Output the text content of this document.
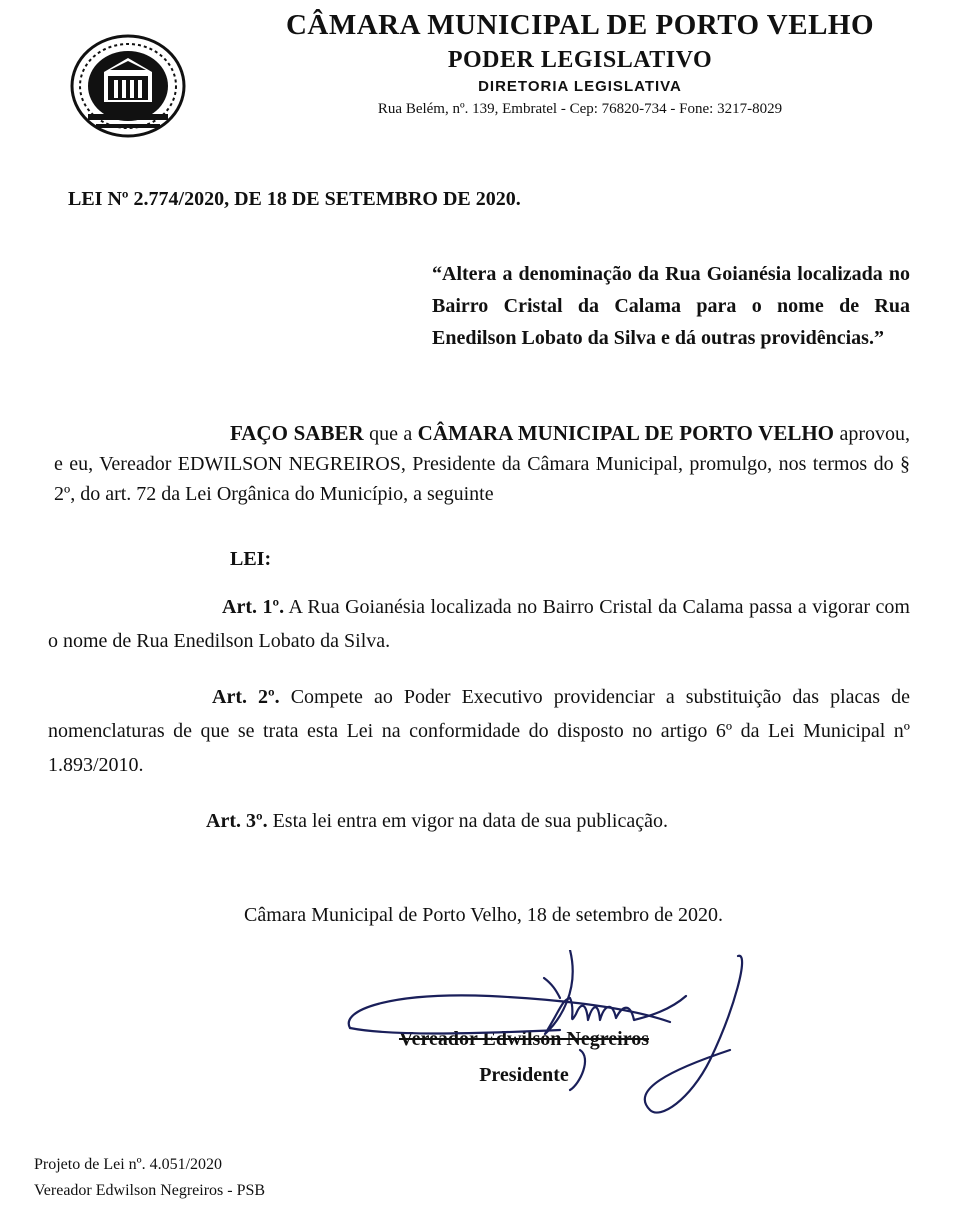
CÂMARA MUNICIPAL DE PORTO VELHO
PODER LEGISLATIVO
DIRETORIA LEGISLATIVA
Rua Belém, nº. 139, Embratel - Cep: 76820-734 - Fone: 3217-8029
LEI Nº 2.774/2020, DE 18 DE SETEMBRO DE 2020.
“Altera a denominação da Rua Goianésia localizada no Bairro Cristal da Calama para o nome de Rua Enedilson Lobato da Silva e dá outras providências.”
FAÇO SABER que a CÂMARA MUNICIPAL DE PORTO VELHO aprovou, e eu, Vereador EDWILSON NEGREIROS, Presidente da Câmara Municipal, promulgo, nos termos do § 2º, do art. 72 da Lei Orgânica do Município, a seguinte
LEI:
Art. 1º. A Rua Goianésia localizada no Bairro Cristal da Calama passa a vigorar com o nome de Rua Enedilson Lobato da Silva.
Art. 2º. Compete ao Poder Executivo providenciar a substituição das placas de nomenclaturas de que se trata esta Lei na conformidade do disposto no artigo 6º da Lei Municipal nº 1.893/2010.
Art. 3º. Esta lei entra em vigor na data de sua publicação.
Câmara Municipal de Porto Velho, 18 de setembro de 2020.
Vereador Edwilson Negreiros
Presidente
Projeto de Lei nº. 4.051/2020
Vereador Edwilson Negreiros - PSB
